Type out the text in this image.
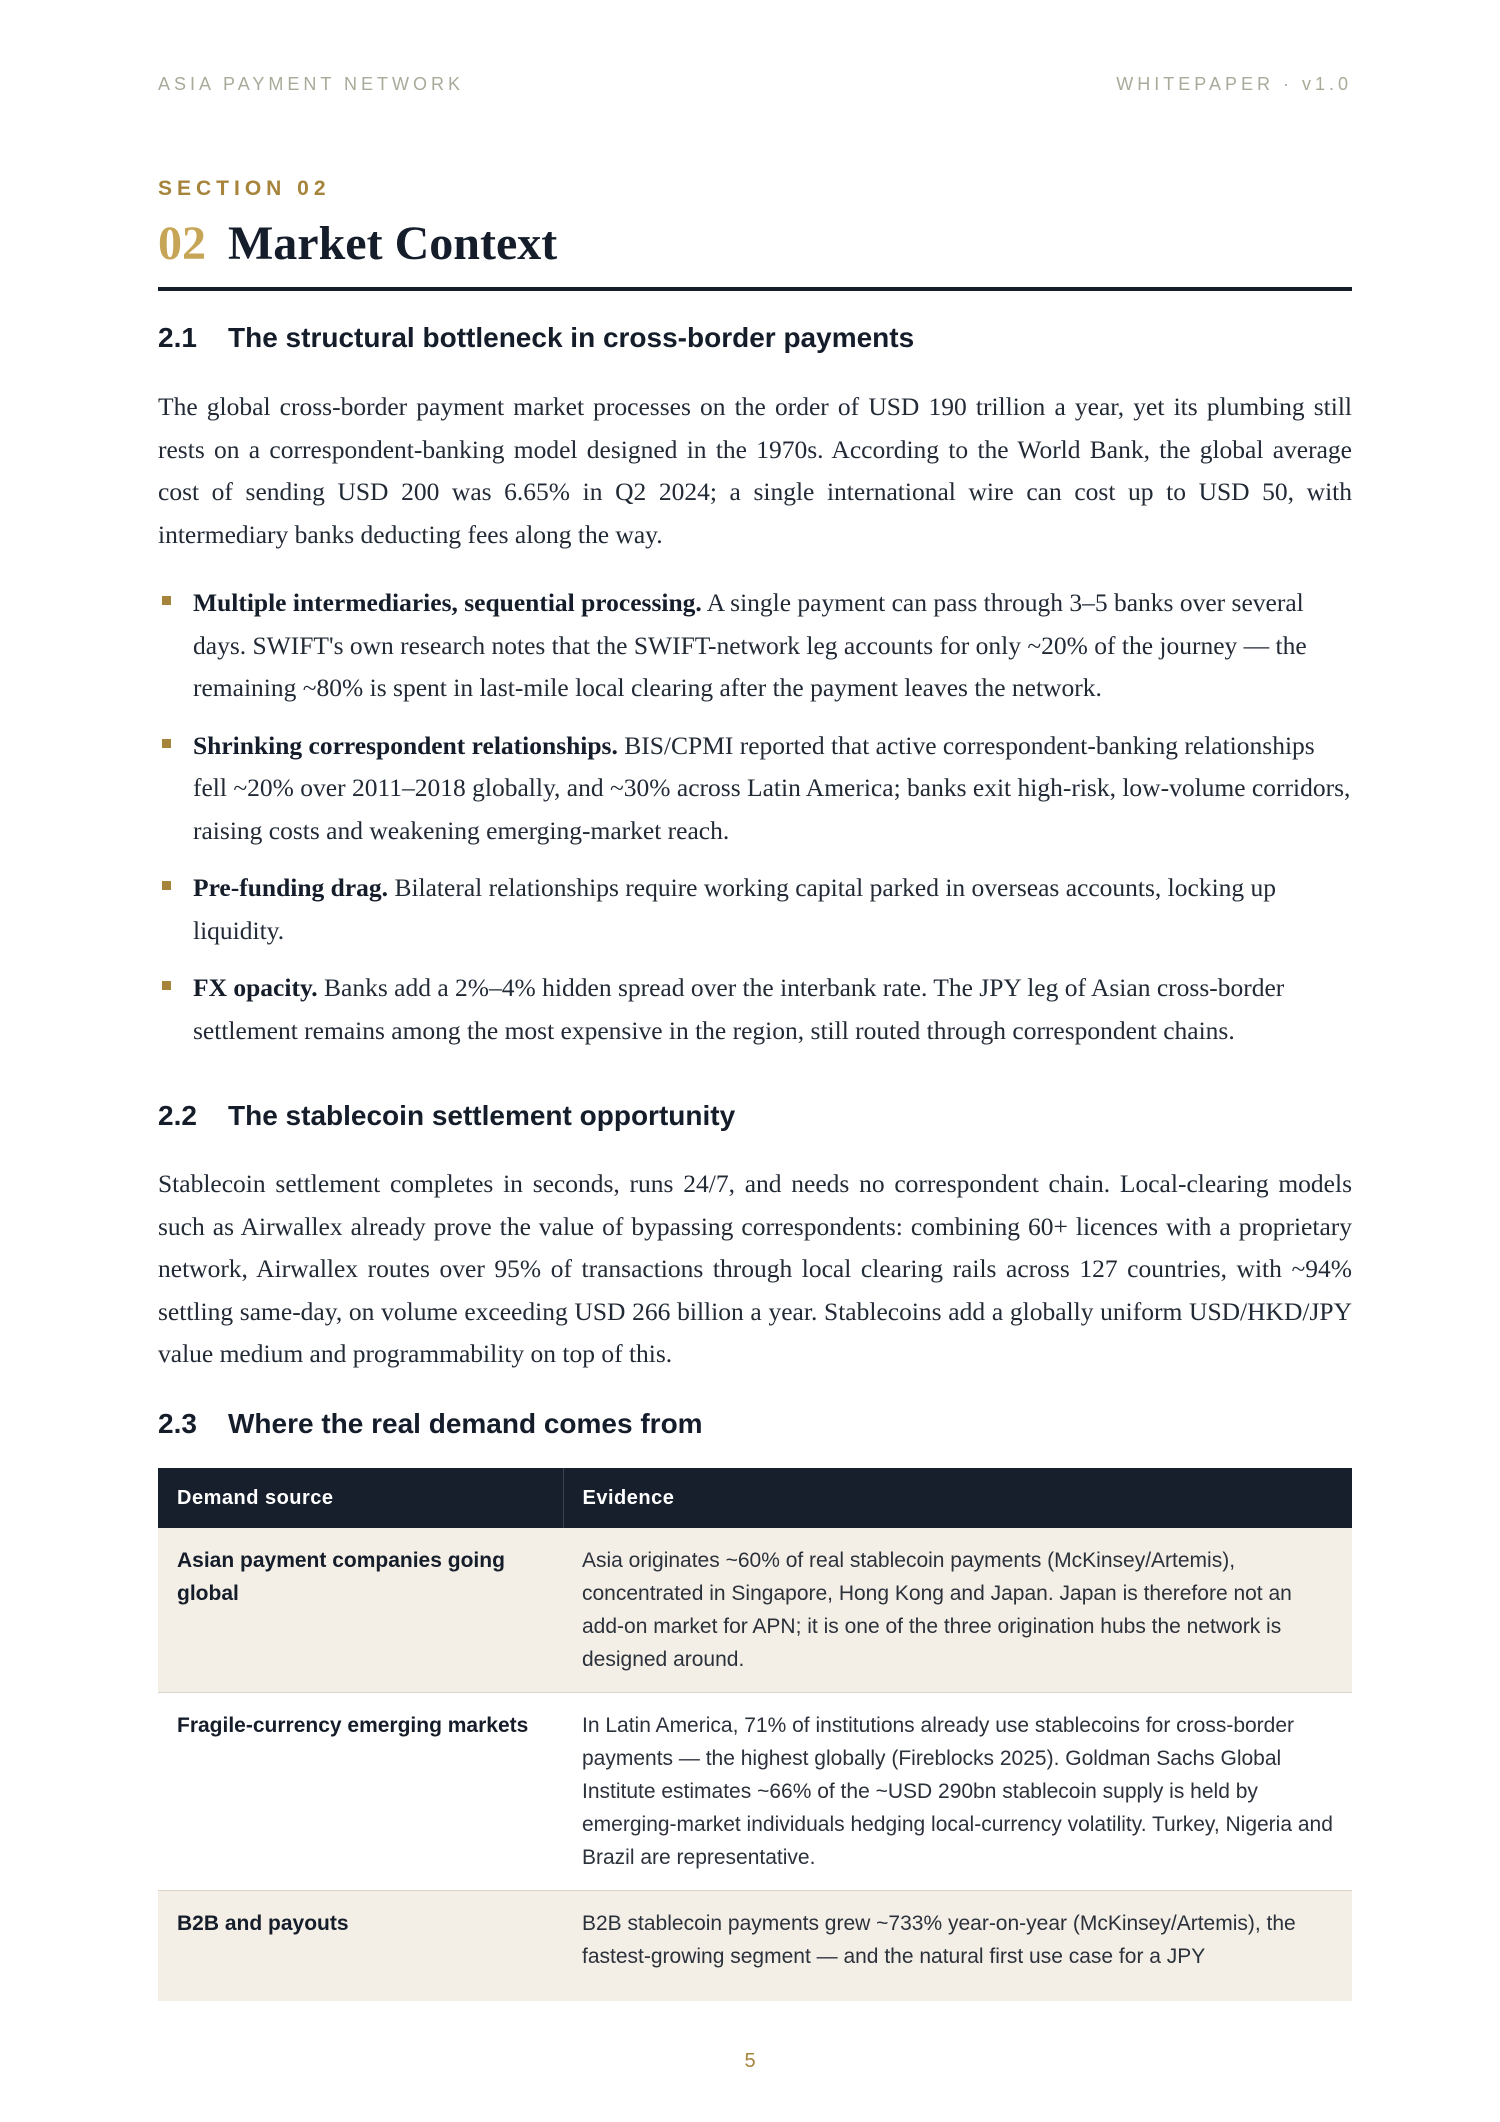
ASIA PAYMENT NETWORK	WHITEPAPER · v1.0
SECTION 02
02 Market Context
2.1 The structural bottleneck in cross-border payments

The global cross-border payment market processes on the order of USD 190 trillion a year, yet its plumbing still rests on a correspondent-banking model designed in the 1970s. According to the World Bank, the global average cost of sending USD 200 was 6.65% in Q2 2024; a single international wire can cost up to USD 50, with intermediary banks deducting fees along the way.

Multiple intermediaries, sequential processing. A single payment can pass through 3–5 banks over several days. SWIFT's own research notes that the SWIFT-network leg accounts for only ~20% of the journey — the remaining ~80% is spent in last-mile local clearing after the payment leaves the network.
Shrinking correspondent relationships. BIS/CPMI reported that active correspondent-banking relationships fell ~20% over 2011–2018 globally, and ~30% across Latin America; banks exit high-risk, low-volume corridors, raising costs and weakening emerging-market reach.
Pre-funding drag. Bilateral relationships require working capital parked in overseas accounts, locking up liquidity.
FX opacity. Banks add a 2%–4% hidden spread over the interbank rate. The JPY leg of Asian cross-border settlement remains among the most expensive in the region, still routed through correspondent chains.
2.2 The stablecoin settlement opportunity

Stablecoin settlement completes in seconds, runs 24/7, and needs no correspondent chain. Local-clearing models such as Airwallex already prove the value of bypassing correspondents: combining 60+ licences with a proprietary network, Airwallex routes over 95% of transactions through local clearing rails across 127 countries, with ~94% settling same-day, on volume exceeding USD 266 billion a year. Stablecoins add a globally uniform USD/HKD/JPY value medium and programmability on top of this.

2.3 Where the real demand comes from
Demand source	Evidence
Asian payment companies going global	Asia originates ~60% of real stablecoin payments (McKinsey/Artemis), concentrated in Singapore, Hong Kong and Japan. Japan is therefore not an add-on market for APN; it is one of the three origination hubs the network is designed around.
Fragile-currency emerging markets	In Latin America, 71% of institutions already use stablecoins for cross-border payments — the highest globally (Fireblocks 2025). Goldman Sachs Global Institute estimates ~66% of the ~USD 290bn stablecoin supply is held by emerging-market individuals hedging local-currency volatility. Turkey, Nigeria and Brazil are representative.
B2B and payouts	B2B stablecoin payments grew ~733% year-on-year (McKinsey/Artemis), the fastest-growing segment — and the natural first use case for a JPY
5
